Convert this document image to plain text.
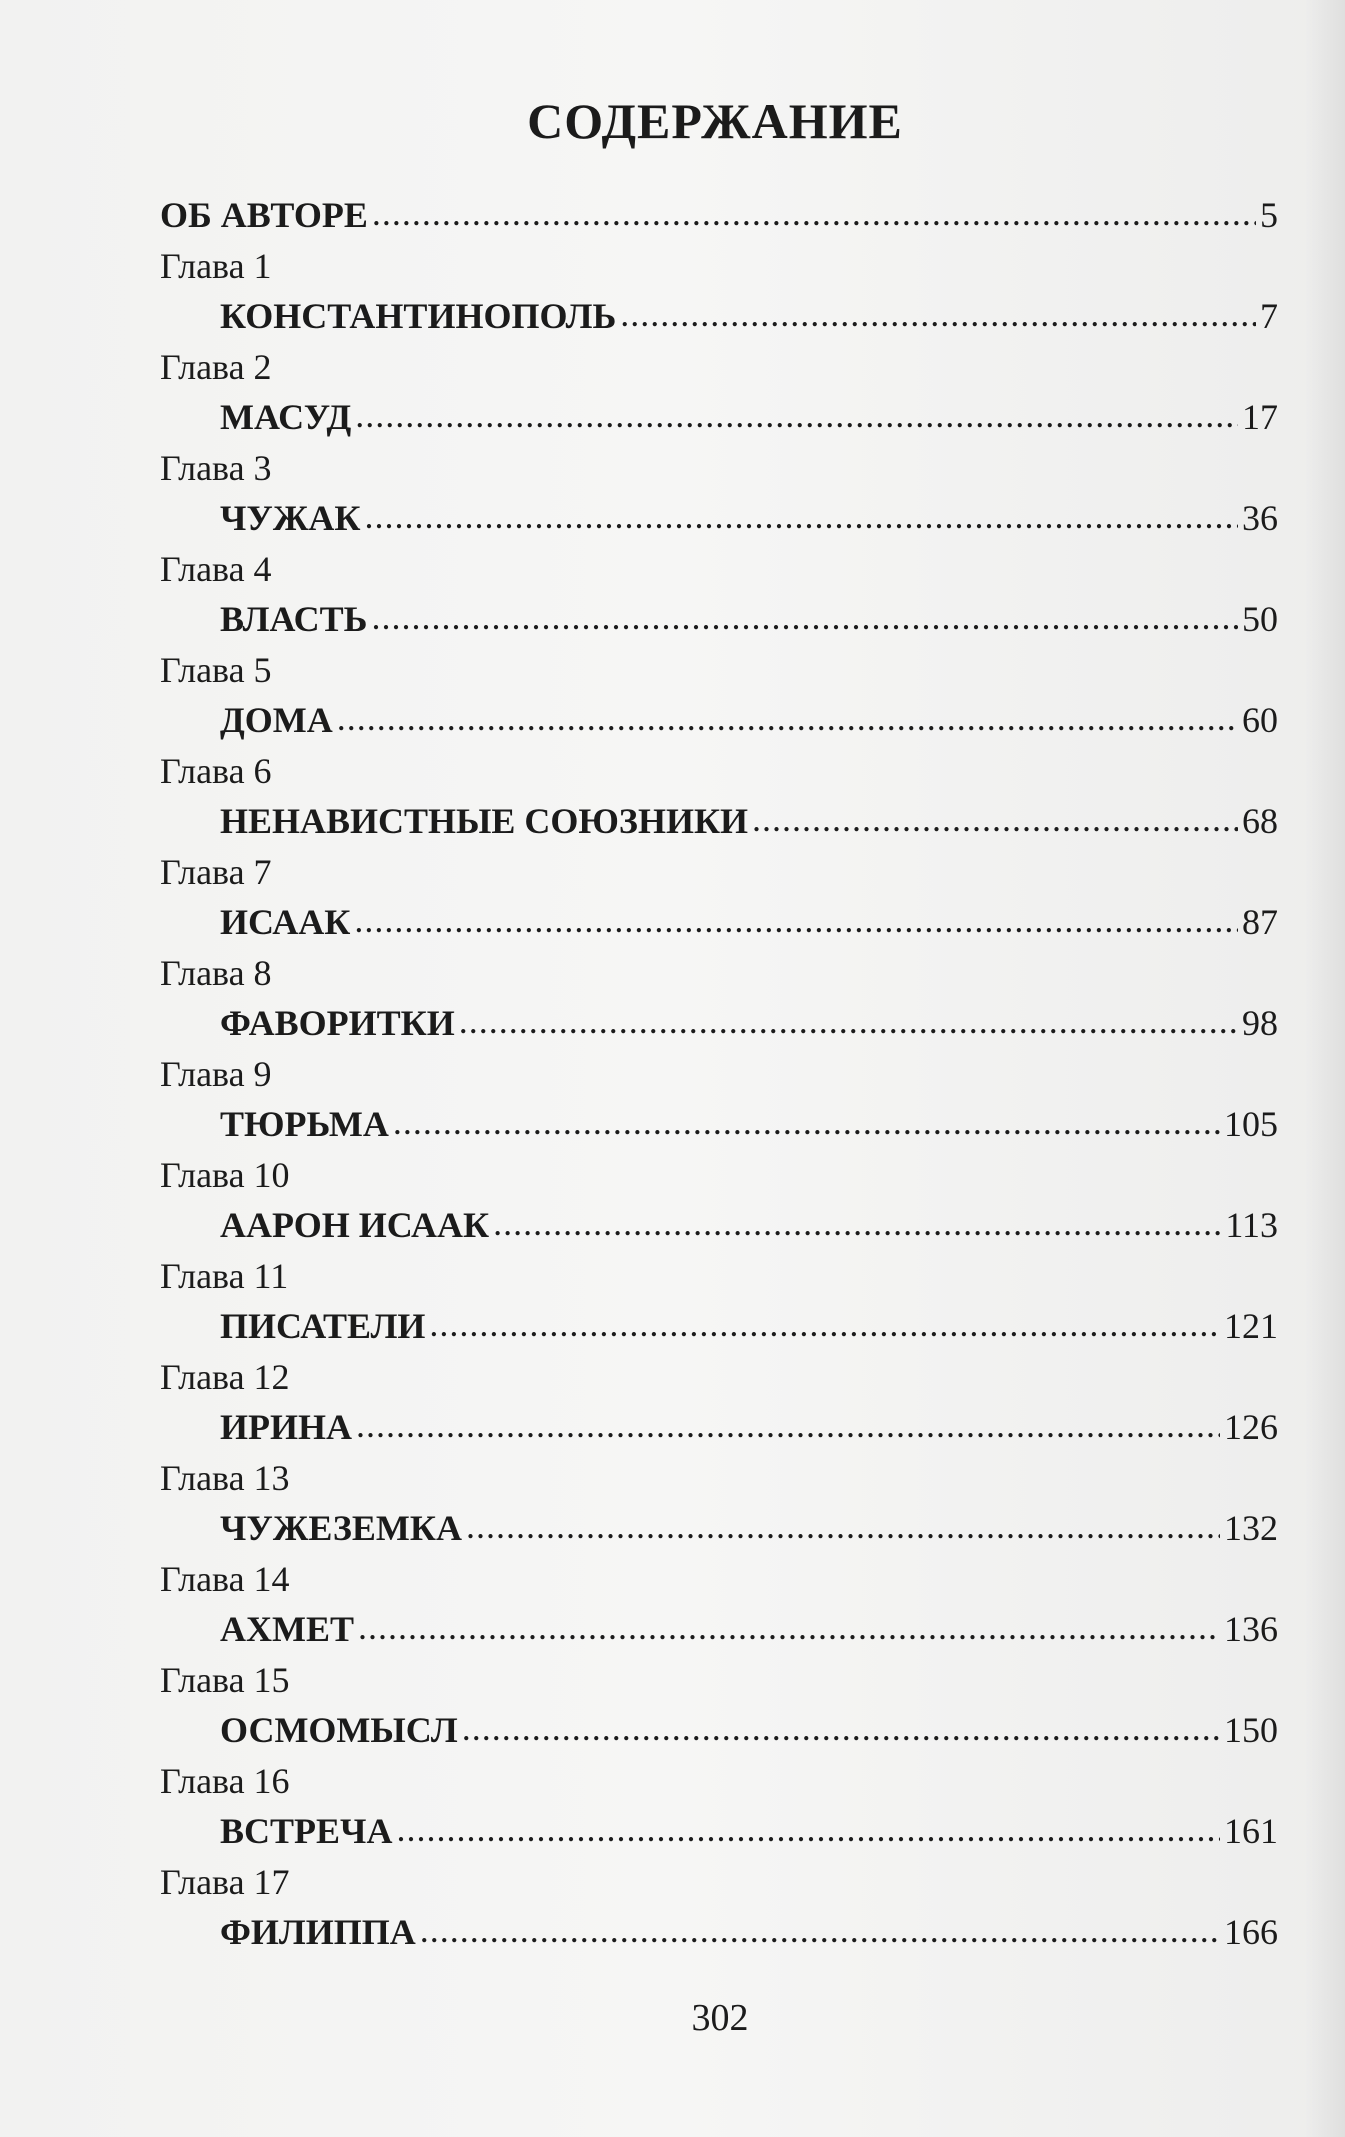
СОДЕРЖАНИЕ
ОБ АВТОРЕ .....	5
Глава 1
КОНСТАНТИНОПОЛЬ .....	7
Глава 2
МАСУД .....	17
Глава 3
ЧУЖАК .....	36
Глава 4
ВЛАСТЬ .....	50
Глава 5
ДОМА .....	60
Глава 6
НЕНАВИСТНЫЕ СОЮЗНИКИ .....	68
Глава 7
ИСААК .....	87
Глава 8
ФАВОРИТКИ .....	98
Глава 9
ТЮРЬМА .....	105
Глава 10
ААРОН ИСААК .....	113
Глава 11
ПИСАТЕЛИ .....	121
Глава 12
ИРИНА .....	126
Глава 13
ЧУЖЕЗЕМКА .....	132
Глава 14
АХМЕТ .....	136
Глава 15
ОСМОМЫСЛ .....	150
Глава 16
ВСТРЕЧА .....	161
Глава 17
ФИЛИППА .....	166
302
